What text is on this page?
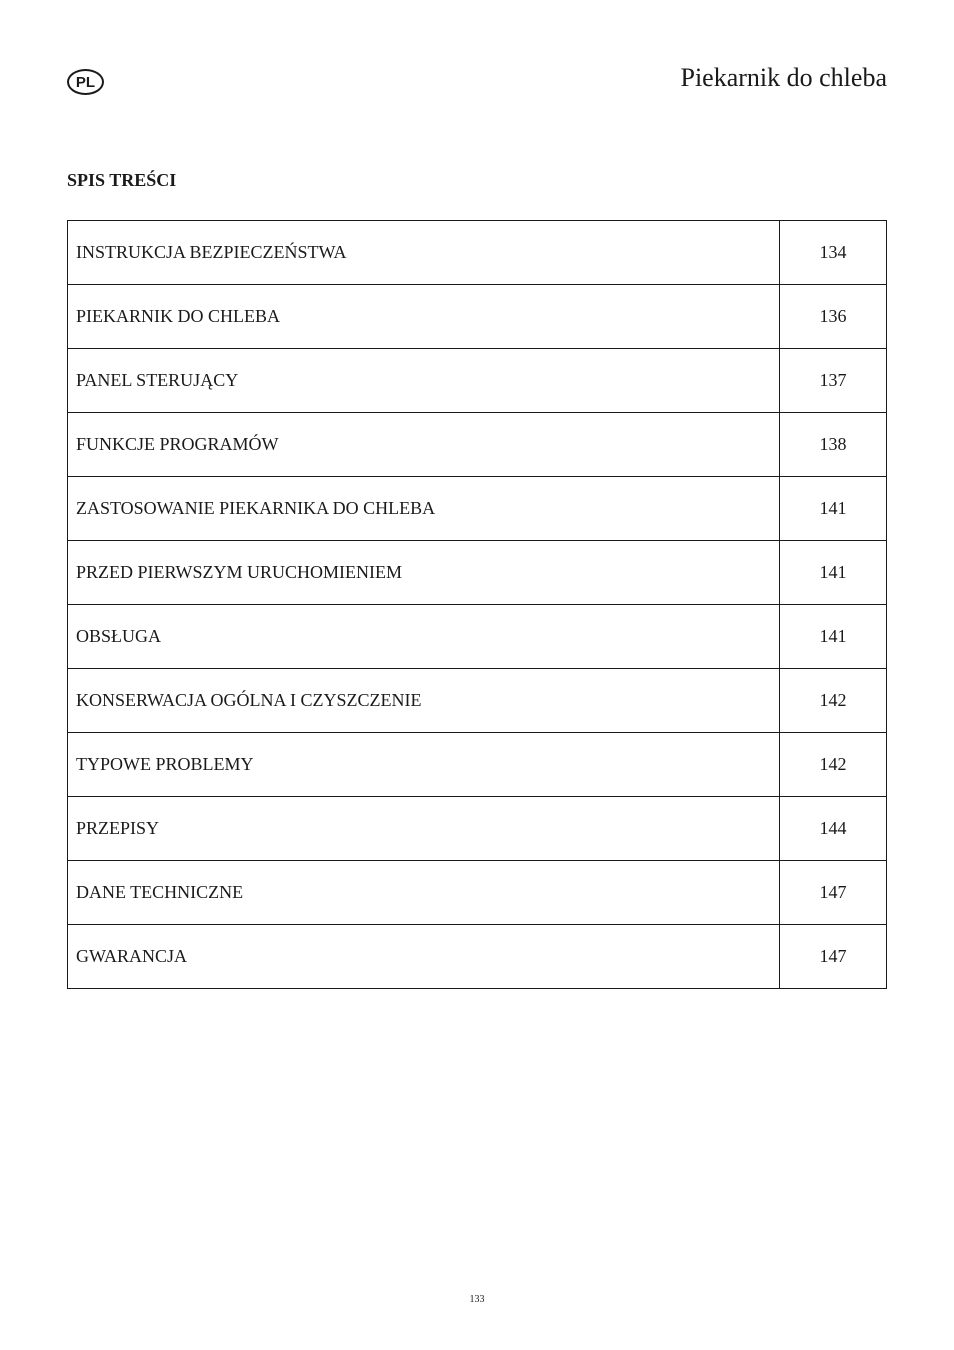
PL	Piekarnik do chleba
SPIS TREŚCI
INSTRUKCJA BEZPIECZEŃSTWA	134
PIEKARNIK DO CHLEBA	136
PANEL STERUJĄCY	137
FUNKCJE PROGRAMÓW	138
ZASTOSOWANIE PIEKARNIKA DO CHLEBA	141
PRZED PIERWSZYM URUCHOMIENIEM	141
OBSŁUGA	141
KONSERWACJA OGÓLNA I CZYSZCZENIE	142
TYPOWE PROBLEMY	142
PRZEPISY	144
DANE TECHNICZNE	147
GWARANCJA	147
133
